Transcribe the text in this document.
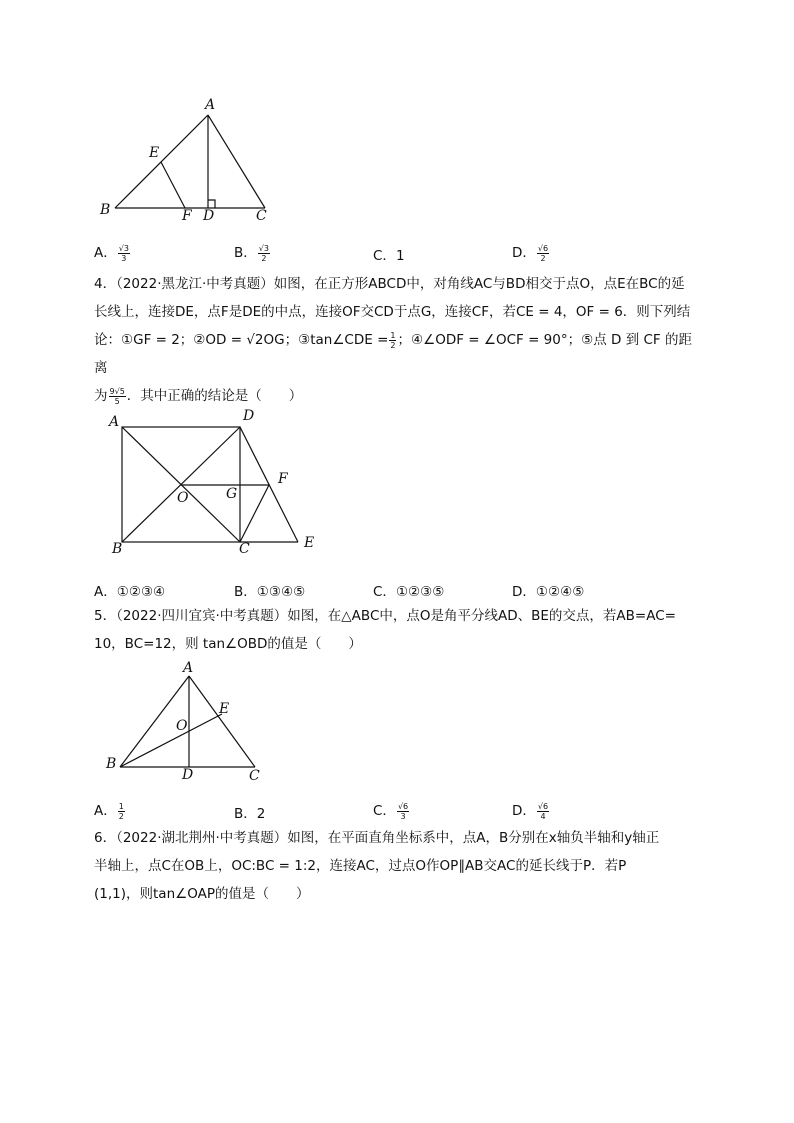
A
E
B	F D	C
A． $\frac{√3}{3}$	B． $\frac{√3}{2}$	C．1	D． $\frac{√6}{2}$
4．（2022·黑龙江·中考真题）如图，在正方形ABCD中，对角线AC与BD相交于点O，点E在BC的延
长线上，连接DE，点F是DE的中点，连接OF交CD于点G，连接CF，若CE = 4，OF = 6．则下列结
论：①GF = 2；②OD = √2OG；③tan∠CDE = $\frac{1}{2}$ ；④∠ODF = ∠OCF = 90°；⑤点 D 到 CF 的距离
为 $\frac{9√5}{5}$ ．其中正确的结论是（　　）
A	D
F
O	G
B	C	E
A．①②③④	B．①③④⑤	C．①②③⑤	D．①②④⑤
5．（2022·四川宜宾·中考真题）如图，在△ABC中，点O是角平分线AD、BE的交点，若AB=AC=
10，BC=12，则 tan∠OBD的值是（　　）
A
E
O
B
D	C
A． $\frac{1}{2}$	B．2	C． $\frac{√6}{3}$	D． $\frac{√6}{4}$
6．（2022·湖北荆州·中考真题）如图，在平面直角坐标系中，点A，B分别在x轴负半轴和y轴正
半轴上，点C在OB上，OC:BC = 1:2，连接AC，过点O作OP∥AB交AC的延长线于P．若P
(1,1)，则tan∠OAP的值是（　　）
